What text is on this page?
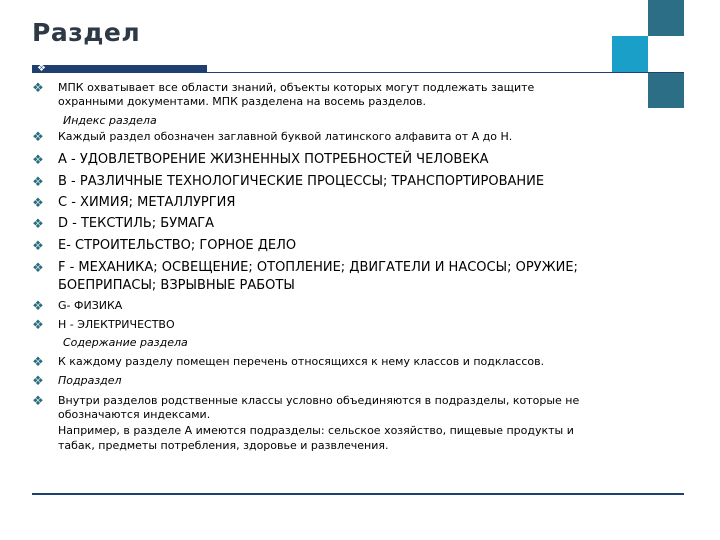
Раздел
❖
❖ МПК охватывает все области знаний, объекты которых могут подлежать защите
охранными документами. МПК разделена на восемь разделов.
Индекс раздела
❖ Каждый раздел обозначен заглавной буквой латинского алфавита от А до Н.
❖ А - УДОВЛЕТВОРЕНИЕ ЖИЗНЕННЫХ ПОТРЕБНОСТЕЙ ЧЕЛОВЕКА
❖ В - РАЗЛИЧНЫЕ ТЕХНОЛОГИЧЕСКИЕ ПРОЦЕССЫ; ТРАНСПОРТИРОВАНИЕ
❖ С - ХИМИЯ; МЕТАЛЛУРГИЯ
❖ D - ТЕКСТИЛЬ; БУМАГА
❖ Е- СТРОИТЕЛЬСТВО; ГОРНОЕ ДЕЛО
❖ F - МЕХАНИКА; ОСВЕЩЕНИЕ; ОТОПЛЕНИЕ; ДВИГАТЕЛИ И НАСОСЫ; ОРУЖИЕ;
БОЕПРИПАСЫ; ВЗРЫВНЫЕ РАБОТЫ
❖ G- ФИЗИКА
❖ Н - ЭЛЕКТРИЧЕСТВО
Содержание раздела
❖ К каждому разделу помещен перечень относящихся к нему классов и подклассов.
❖ Подраздел
❖ Внутри разделов родственные классы условно объединяются в подразделы, которые не
обозначаются индексами.
Например, в разделе А имеются подразделы: сельское хозяйство, пищевые продукты и
табак, предметы потребления, здоровье и развлечения.
